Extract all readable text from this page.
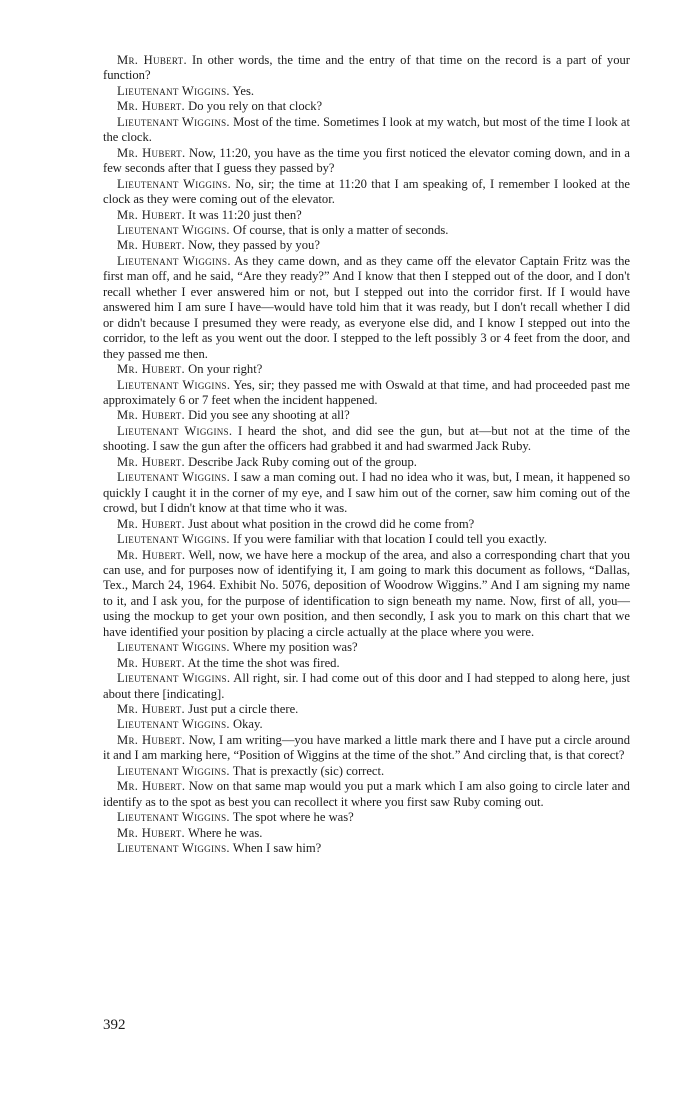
Mr. Hubert. In other words, the time and the entry of that time on the record is a part of your function?

Lieutenant Wiggins. Yes.

Mr. Hubert. Do you rely on that clock?

Lieutenant Wiggins. Most of the time. Sometimes I look at my watch, but most of the time I look at the clock.

Mr. Hubert. Now, 11:20, you have as the time you first noticed the elevator coming down, and in a few seconds after that I guess they passed by?

Lieutenant Wiggins. No, sir; the time at 11:20 that I am speaking of, I remember I looked at the clock as they were coming out of the elevator.

Mr. Hubert. It was 11:20 just then?

Lieutenant Wiggins. Of course, that is only a matter of seconds.

Mr. Hubert. Now, they passed by you?

Lieutenant Wiggins. As they came down, and as they came off the elevator Captain Fritz was the first man off, and he said, “Are they ready?” And I know that then I stepped out of the door, and I don't recall whether I ever answered him or not, but I stepped out into the corridor first. If I would have answered him I am sure I have—would have told him that it was ready, but I don't recall whether I did or didn't because I presumed they were ready, as everyone else did, and I know I stepped out into the corridor, to the left as you went out the door. I stepped to the left possibly 3 or 4 feet from the door, and they passed me then.

Mr. Hubert. On your right?

Lieutenant Wiggins. Yes, sir; they passed me with Oswald at that time, and had proceeded past me approximately 6 or 7 feet when the incident happened.

Mr. Hubert. Did you see any shooting at all?

Lieutenant Wiggins. I heard the shot, and did see the gun, but at—but not at the time of the shooting. I saw the gun after the officers had grabbed it and had swarmed Jack Ruby.

Mr. Hubert. Describe Jack Ruby coming out of the group.

Lieutenant Wiggins. I saw a man coming out. I had no idea who it was, but, I mean, it happened so quickly I caught it in the corner of my eye, and I saw him out of the corner, saw him coming out of the crowd, but I didn't know at that time who it was.

Mr. Hubert. Just about what position in the crowd did he come from?

Lieutenant Wiggins. If you were familiar with that location I could tell you exactly.

Mr. Hubert. Well, now, we have here a mockup of the area, and also a corresponding chart that you can use, and for purposes now of identifying it, I am going to mark this document as follows, “Dallas, Tex., March 24, 1964. Exhibit No. 5076, deposition of Woodrow Wiggins.” And I am signing my name to it, and I ask you, for the purpose of identification to sign beneath my name. Now, first of all, you—using the mockup to get your own position, and then secondly, I ask you to mark on this chart that we have identified your position by placing a circle actually at the place where you were.

Lieutenant Wiggins. Where my position was?

Mr. Hubert. At the time the shot was fired.

Lieutenant Wiggins. All right, sir. I had come out of this door and I had stepped to along here, just about there [indicating].

Mr. Hubert. Just put a circle there.

Lieutenant Wiggins. Okay.

Mr. Hubert. Now, I am writing—you have marked a little mark there and I have put a circle around it and I am marking here, “Position of Wiggins at the time of the shot.” And circling that, is that corect?

Lieutenant Wiggins. That is prexactly (sic) correct.

Mr. Hubert. Now on that same map would you put a mark which I am also going to circle later and identify as to the spot as best you can recollect it where you first saw Ruby coming out.

Lieutenant Wiggins. The spot where he was?

Mr. Hubert. Where he was.

Lieutenant Wiggins. When I saw him?

392
